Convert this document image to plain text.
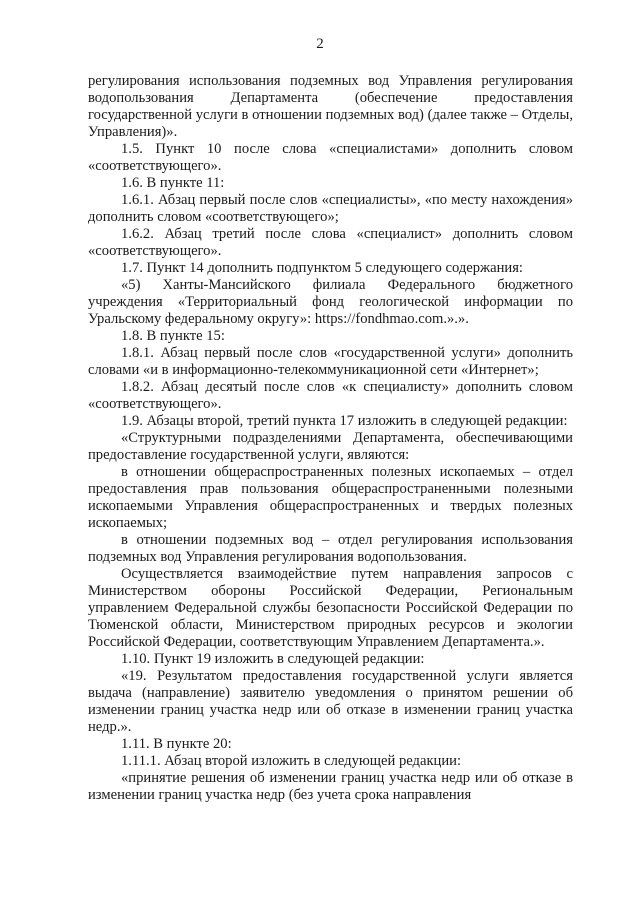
2

регулирования использования подземных вод Управления регулирования водопользования Департамента (обеспечение предоставления государственной услуги в отношении подземных вод) (далее также – Отделы, Управления)».

1.5. Пункт 10 после слова «специалистами» дополнить словом «соответствующего».

1.6. В пункте 11:

1.6.1. Абзац первый после слов «специалисты», «по месту нахождения» дополнить словом «соответствующего»;

1.6.2. Абзац третий после слова «специалист» дополнить словом «соответствующего».

1.7. Пункт 14 дополнить подпунктом 5 следующего содержания:

«5) Ханты-Мансийского филиала Федерального бюджетного учреждения «Территориальный фонд геологической информации по Уральскому федеральному округу»: https://fondhmao.com.».».

1.8. В пункте 15:

1.8.1. Абзац первый после слов «государственной услуги» дополнить словами «и в информационно-телекоммуникационной сети «Интернет»;

1.8.2. Абзац десятый после слов «к специалисту» дополнить словом «соответствующего».

1.9. Абзацы второй, третий пункта 17 изложить в следующей редакции:

«Структурными подразделениями Департамента, обеспечивающими предоставление государственной услуги, являются:

в отношении общераспространенных полезных ископаемых – отдел предоставления прав пользования общераспространенными полезными ископаемыми Управления общераспространенных и твердых полезных ископаемых;

в отношении подземных вод – отдел регулирования использования подземных вод Управления регулирования водопользования.

Осуществляется взаимодействие путем направления запросов с Министерством обороны Российской Федерации, Региональным управлением Федеральной службы безопасности Российской Федерации по Тюменской области, Министерством природных ресурсов и экологии Российской Федерации, соответствующим Управлением Департамента.».

1.10. Пункт 19 изложить в следующей редакции:

«19. Результатом предоставления государственной услуги является выдача (направление) заявителю уведомления о принятом решении об изменении границ участка недр или об отказе в изменении границ участка недр.».

1.11. В пункте 20:

1.11.1. Абзац второй изложить в следующей редакции:

«принятие решения об изменении границ участка недр или об отказе в изменении границ участка недр (без учета срока направления
